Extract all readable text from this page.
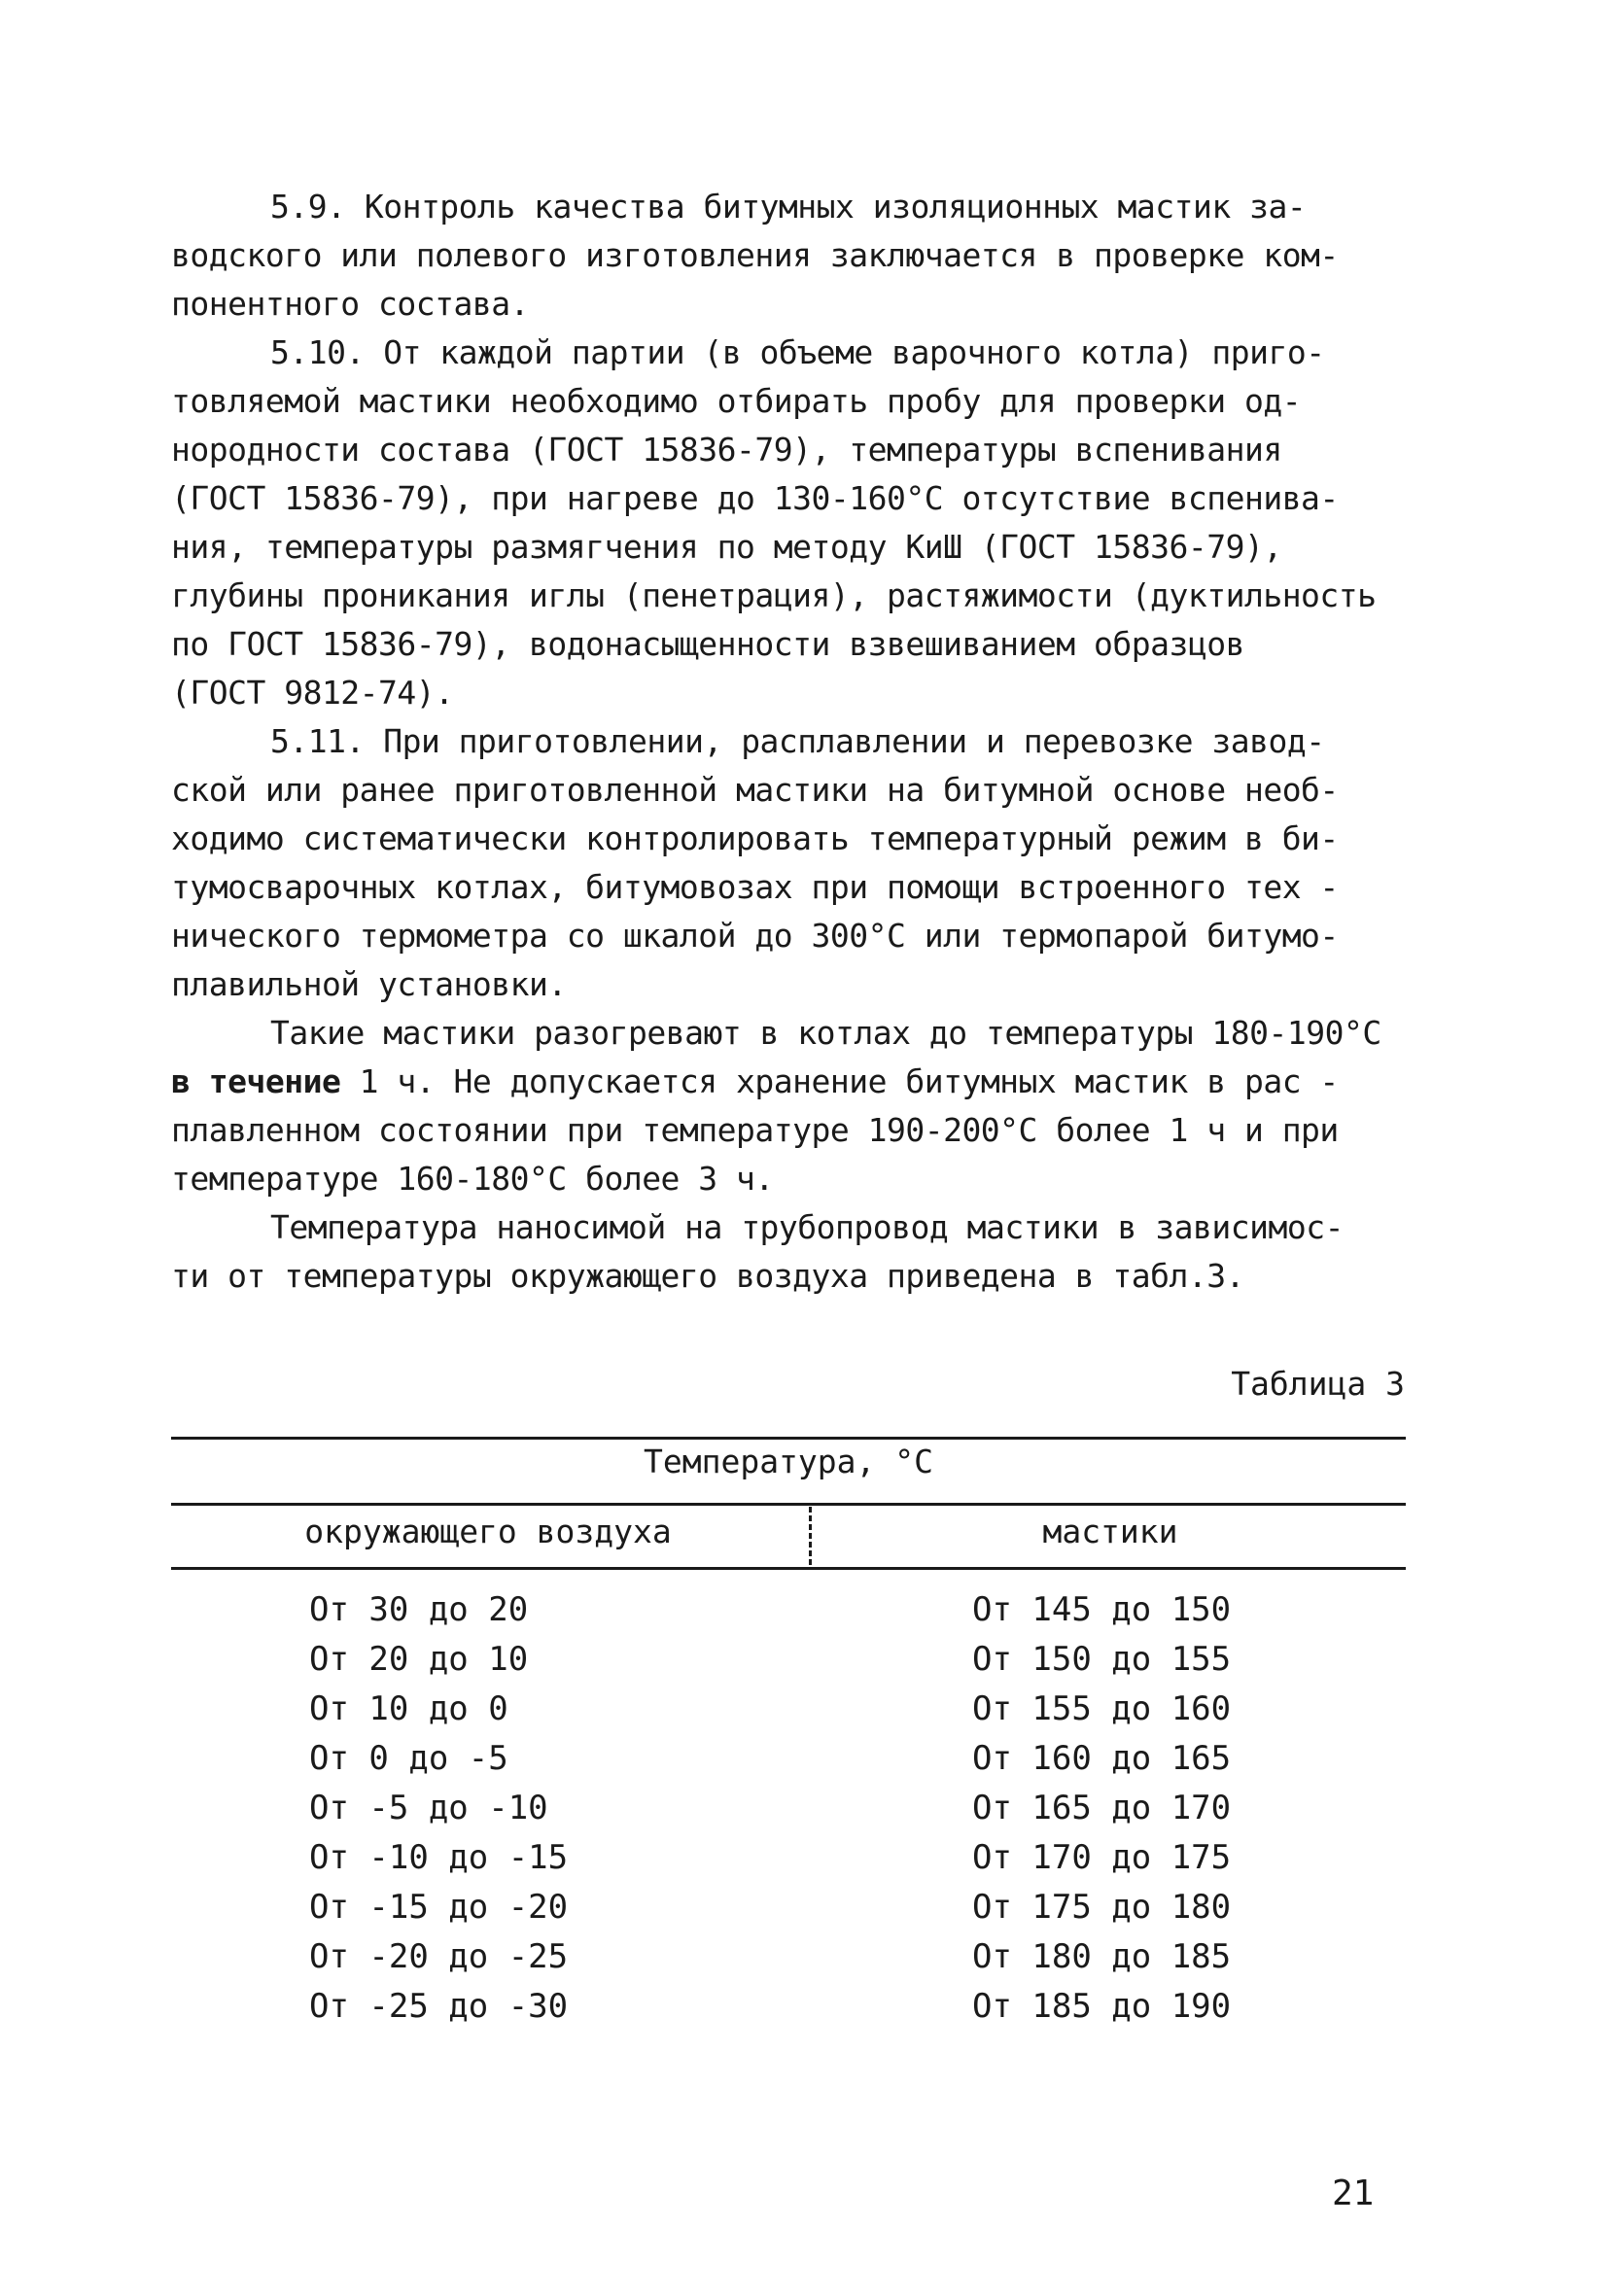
5.9. Контроль качества битумных изоляционных мастик за-
водского или полевого изготовления заключается в проверке ком-
понентного состава.
5.10. От каждой партии (в объеме варочного котла) приго-
товляемой мастики необходимо отбирать пробу для проверки од-
нородности состава (ГОСТ 15836-79), температуры вспенивания
(ГОСТ 15836-79), при нагреве до 130-160°С отсутствие вспенива-
ния, температуры размягчения по методу КиШ (ГОСТ 15836-79),
глубины проникания иглы (пенетрация), растяжимости (дуктильность
по ГОСТ 15836-79), водонасыщенности взвешиванием образцов
(ГОСТ 9812-74).
5.11. При приготовлении, расплавлении и перевозке завод-
ской или ранее приготовленной мастики на битумной основе необ-
ходимо систематически контролировать температурный режим в би-
тумосварочных котлах, битумовозах при помощи встроенного тех -
нического термометра со шкалой до 300°С или термопарой битумо-
плавильной установки.
Такие мастики разогревают в котлах до температуры 180-190°С
в течение 1 ч. Не допускается хранение битумных мастик в рас -
плавленном состоянии при температуре 190-200°С более 1 ч и при
температуре 160-180°С более 3 ч.
Температура наносимой на трубопровод мастики в зависимос-
ти от температуры окружающего воздуха приведена в табл.3.
Таблица 3
Температура, °С
окружающего воздуха	мастики
От 30 до 20	От 145 до 150
От 20 до 10	От 150 до 155
От 10 до 0	От 155 до 160
От 0 до -5	От 160 до 165
От -5 до -10	От 165 до 170
От -10 до -15	От 170 до 175
От -15 до -20	От 175 до 180
От -20 до -25	От 180 до 185
От -25 до -30	От 185 до 190
21
